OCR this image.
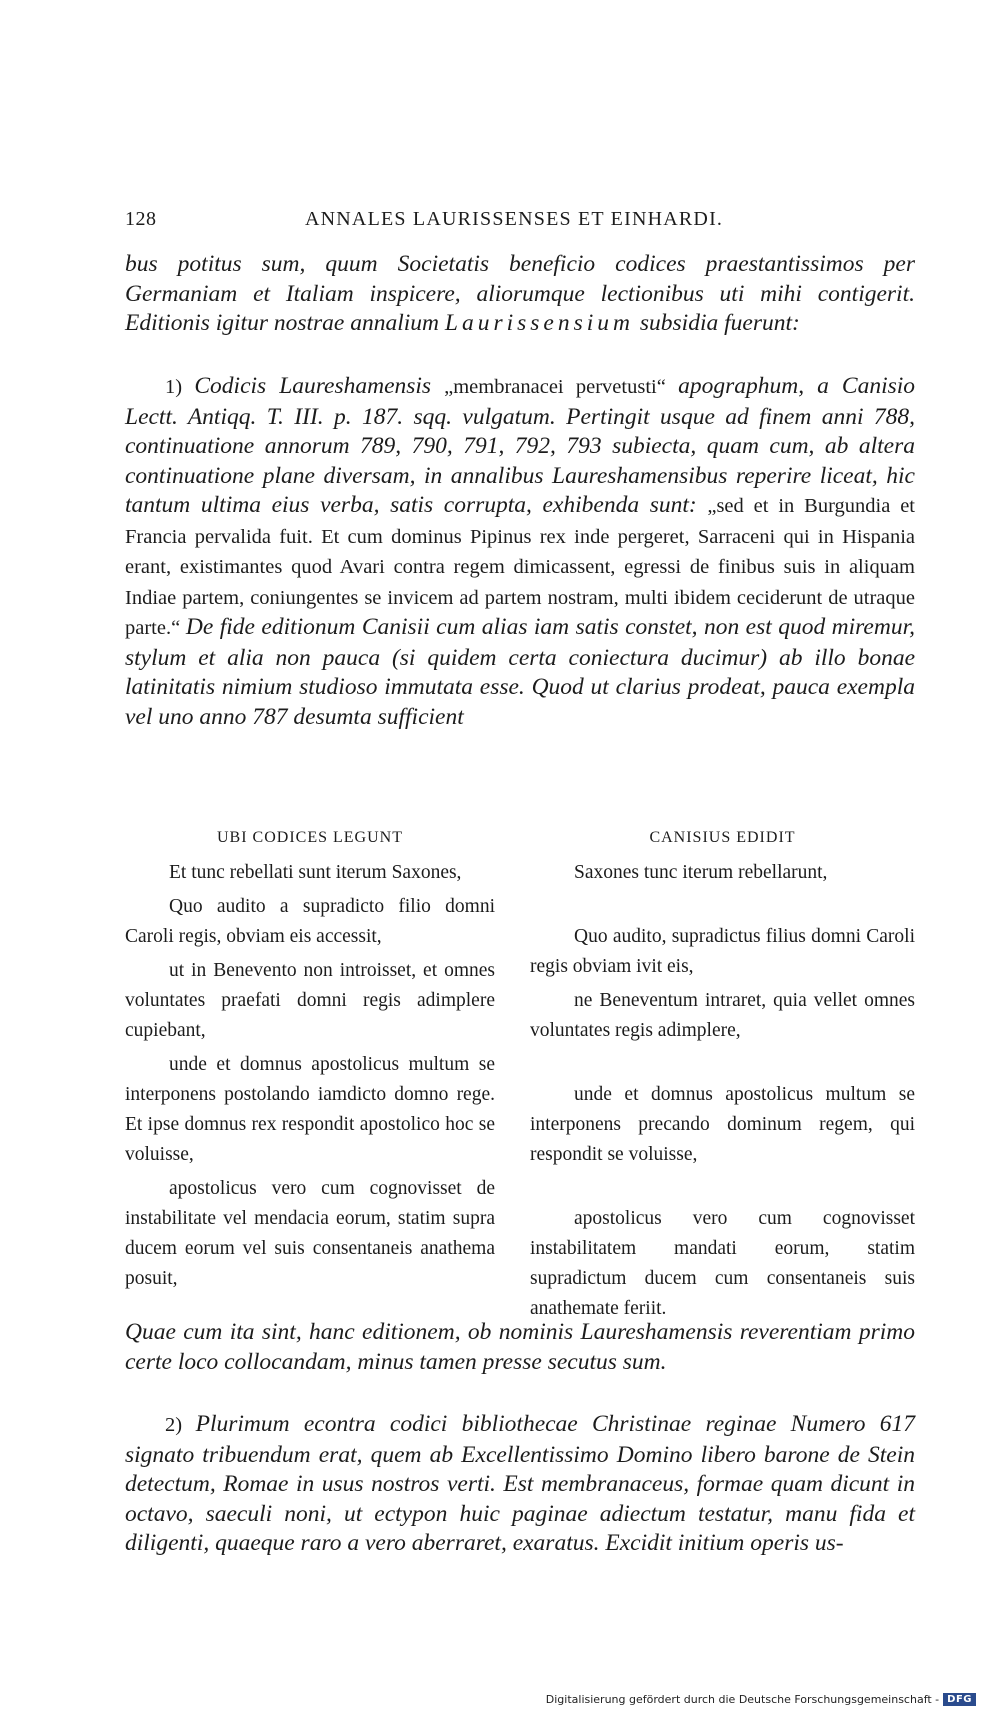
128	ANNALES LAURISSENSES ET EINHARDI.

bus potitus sum, quum Societatis beneficio codices praestantissimos per Germaniam et Italiam inspicere, aliorumque lectionibus uti mihi contigerit. Editionis igitur nostrae annalium Laurissensium subsidia fuerunt:

1) Codicis Laureshamensis „membranacei pervetusti“ apographum, a Canisio Lectt. Antiqq. T. III. p. 187. sqq. vulgatum. Pertingit usque ad finem anni 788, continuatione annorum 789, 790, 791, 792, 793 subiecta, quam cum, ab altera continuatione plane diversam, in annalibus Laureshamensibus reperire liceat, hic tantum ultima eius verba, satis corrupta, exhibenda sunt: „sed et in Burgundia et Francia pervalida fuit. Et cum dominus Pipinus rex inde pergeret, Sarraceni qui in Hispania erant, existimantes quod Avari contra regem dimicassent, egressi de finibus suis in aliquam Indiae partem, coniungentes se invicem ad partem nostram, multi ibidem ceciderunt de utraque parte.“ De fide editionum Canisii cum alias iam satis constet, non est quod miremur, stylum et alia non pauca (si quidem certa coniectura ducimur) ab illo bonae latinitatis nimium studioso immutata esse. Quod ut clarius prodeat, pauca exempla vel uno anno 787 desumta sufficient

UBI CODICES LEGUNT

Et tunc rebellati sunt iterum Saxones,

Quo audito a supradicto filio domni Caroli regis, obviam eis accessit,

ut in Benevento non introisset, et omnes voluntates praefati domni regis adimplere cupiebant,

unde et domnus apostolicus multum se interponens postolando iamdicto domno rege. Et ipse domnus rex respondit apostolico hoc se voluisse,

apostolicus vero cum cognovisset de instabilitate vel mendacia eorum, statim supra ducem eorum vel suis consentaneis anathema posuit,

CANISIUS EDIDIT

Saxones tunc iterum rebellarunt,

Quo audito, supradictus filius domni Caroli regis obviam ivit eis,

ne Beneventum intraret, quia vellet omnes voluntates regis adimplere,

unde et domnus apostolicus multum se interponens precando dominum regem, qui respondit se voluisse,

apostolicus vero cum cognovisset instabilitatem mandati eorum, statim supradictum ducem cum consentaneis suis anathemate feriit.

Quae cum ita sint, hanc editionem, ob nominis Laureshamensis reverentiam primo certe loco collocandam, minus tamen presse secutus sum.

2) Plurimum econtra codici bibliothecae Christinae reginae Numero 617 signato tribuendum erat, quem ab Excellentissimo Domino libero barone de Stein detectum, Romae in usus nostros verti. Est membranaceus, formae quam dicunt in octavo, saeculi noni, ut ectypon huic paginae adiectum testatur, manu fida et diligenti, quaeque raro a vero aberraret, exaratus. Excidit initium operis us-

Digitalisierung gefördert durch die Deutsche Forschungsgemeinschaft - DFG
